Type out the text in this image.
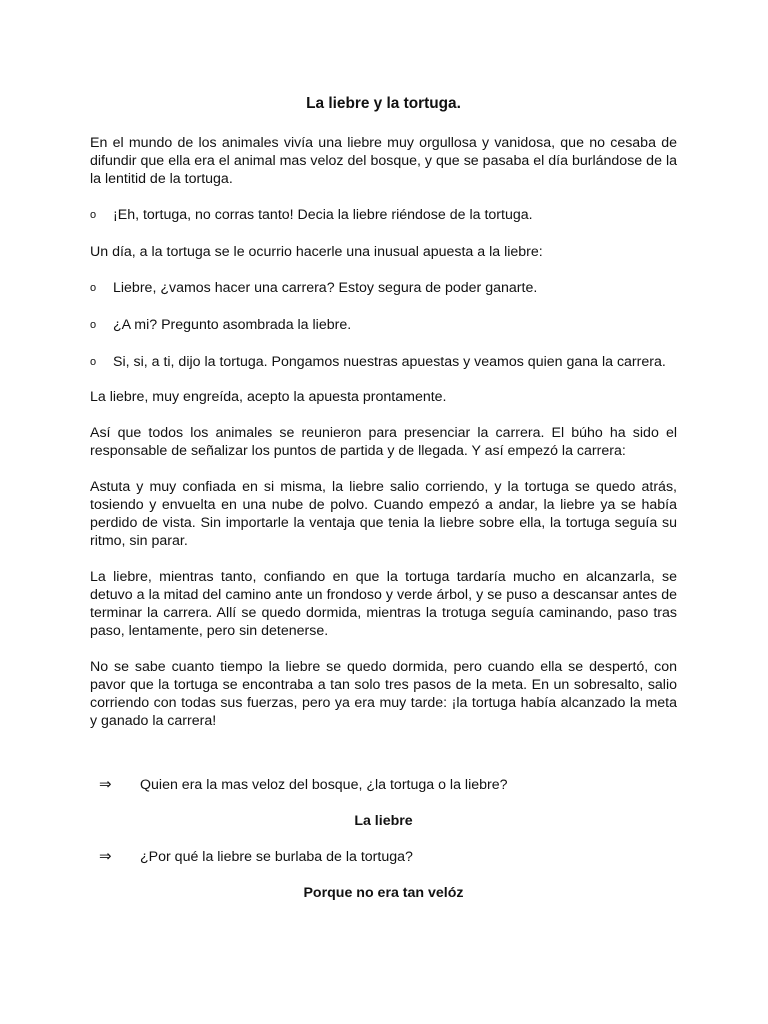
La liebre y la tortuga.

En el mundo de los animales vivía una liebre muy orgullosa y vanidosa, que no cesaba de difundir que ella era el animal mas veloz del bosque, y que se pasaba el día burlándose de la la lentitid de la tortuga.

o	¡Eh, tortuga, no corras tanto! Decia la liebre riéndose de la tortuga.

Un día, a la tortuga se le ocurrio hacerle una inusual apuesta a la liebre:

o	Liebre, ¿vamos hacer una carrera? Estoy segura de poder ganarte.
o	¿A mi? Pregunto asombrada la liebre.
o	Si, si, a ti, dijo la tortuga. Pongamos nuestras apuestas y veamos quien gana la carrera.

La liebre, muy engreída, acepto la apuesta prontamente.

Así que todos los animales se reunieron para presenciar la carrera. El búho ha sido el responsable de señalizar los puntos de partida y de llegada. Y así empezó la carrera:

Astuta y muy confiada en si misma, la liebre salio corriendo, y la tortuga se quedo atrás, tosiendo y envuelta en una nube de polvo. Cuando empezó a andar, la liebre ya se había perdido de vista. Sin importarle la ventaja que tenia la liebre sobre ella, la tortuga seguía su ritmo, sin parar.

La liebre, mientras tanto, confiando en que la tortuga tardaría mucho en alcanzarla, se detuvo a la mitad del camino ante un frondoso y verde árbol, y se puso a descansar antes de terminar la carrera. Allí se quedo dormida, mientras la trotuga seguía caminando, paso tras paso, lentamente, pero sin detenerse.

No se sabe cuanto tiempo la liebre se quedo dormida, pero cuando ella se despertó, con pavor que la tortuga se encontraba a tan solo tres pasos de la meta. En un sobresalto, salio corriendo con todas sus fuerzas, pero ya era muy tarde: ¡la tortuga había alcanzado la meta y ganado la carrera!

⇒ Quien era la mas veloz del bosque, ¿la tortuga o la liebre?
La liebre
⇒ ¿Por qué la liebre se burlaba de la tortuga?
Porque no era tan velóz
